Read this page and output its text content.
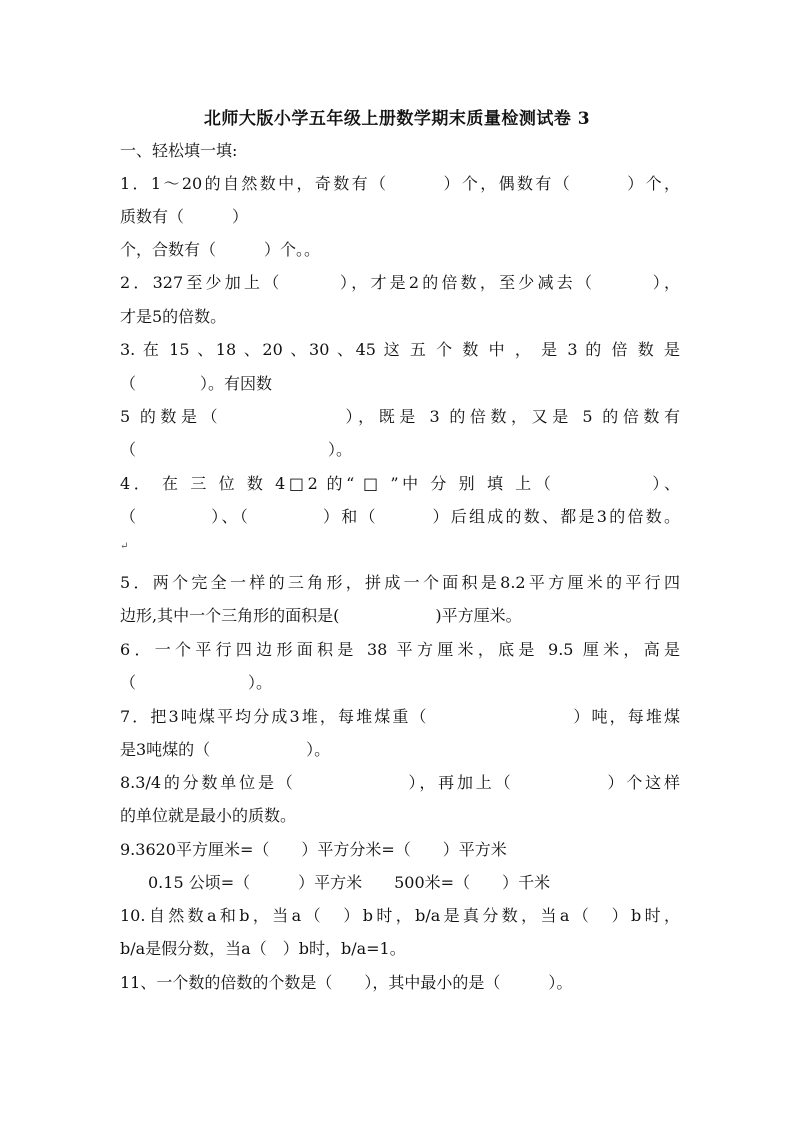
北师大版小学五年级上册数学期末质量检测试卷 3
一、轻松填一填:
1．1～20的自然数中，奇数有（　　　）个，偶数有（　　　）个，
质数有（　　　）
个，合数有（　　　）个。。
2．327至少加上（　　　），才是2的倍数，至少减去（　　　），
才是5的倍数。
3. 在 15 、18 、20 、30 、45 这 五 个 数 中 ， 是 3 的 倍 数 是
（　　　　）。有因数
5 的数是（　　　　　　），既是 3 的倍数，又是 5 的倍数有
（　　　　　　　　　　　　）。
4． 在 三 位 数 4□2 的“ □ ”中 分 别 填 上（　　　　　）、
（　　　　）、（　　　　）和（　　　）后组成的数、都是3的倍数。
↵
5．两个完全一样的三角形，拼成一个面积是8.2平方厘米的平行四
边形,其中一个三角形的面积是(　　　　　　)平方厘米。
6．一个平行四边形面积是 38 平方厘米，底是 9.5 厘米，高是
（　　　　　　　）。
7．把3吨煤平均分成3堆，每堆煤重（　　　　　　　　）吨，每堆煤
是3吨煤的（　　　　　　）。
8.3/4的分数单位是（　　　　　　），再加上（　　　　　）个这样
的单位就是最小的质数。
9.3620平方厘米=（　　）平方分米=（　　）平方米
0.15 公顷=（　　　）平方米　　500米=（　　）千米
10.自然数a和b，当a（　）b时，b/a是真分数，当a（　）b时，
b/a是假分数，当a（　）b时，b/a=1。
11、一个数的倍数的个数是（　　），其中最小的是（　　　）。
